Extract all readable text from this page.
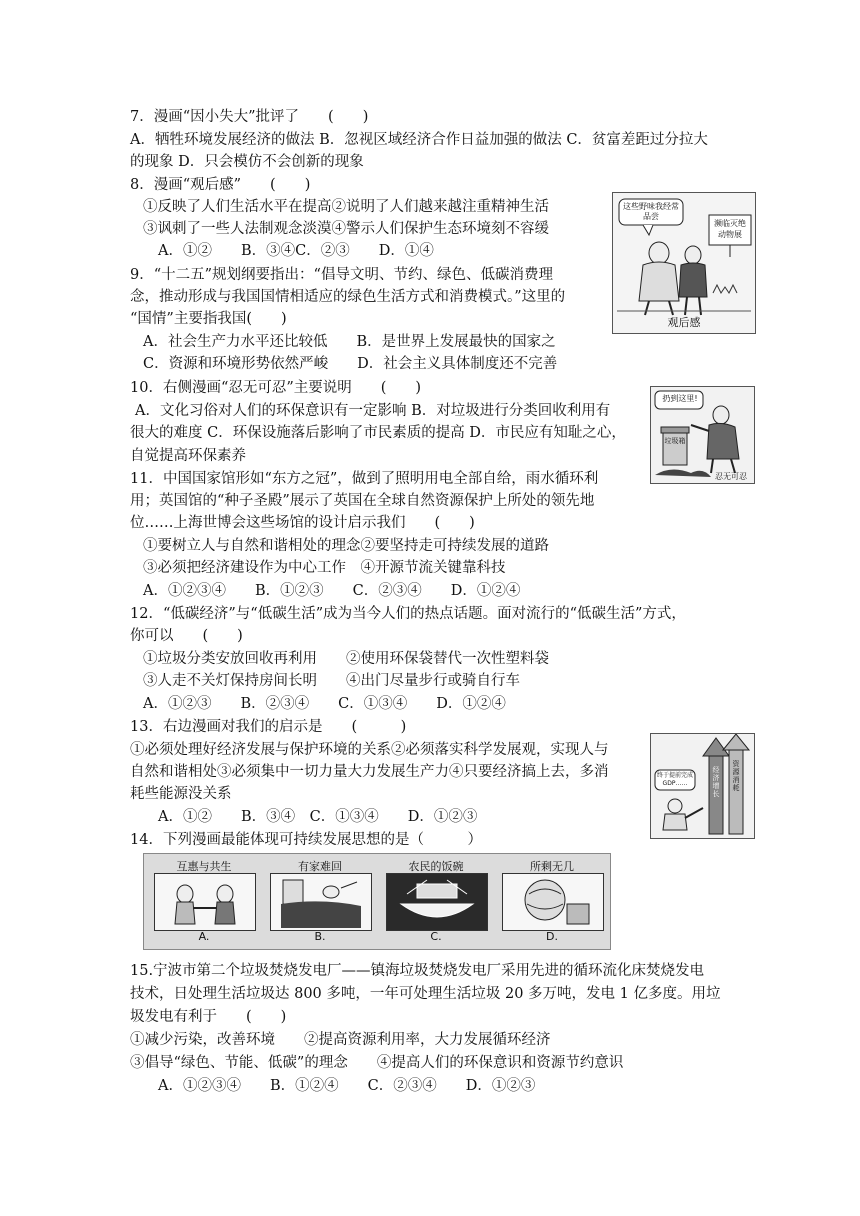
7．漫画“因小失大”批评了　　(　　)
A．牺牲环境发展经济的做法 B．忽视区域经济合作日益加强的做法 C．贫富差距过分拉大
的现象 D．只会模仿不会创新的现象
8．漫画“观后感”　　(　　)
①反映了人们生活水平在提高②说明了人们越来越注重精神生活
③讽刺了一些人法制观念淡漠④警示人们保护生态环境刻不容缓
A．①②　　B．③④C．②③　　D．①④
这些野味我经常品尝
濒临灭绝动物展
观后感
9．“十二五”规划纲要指出：“倡导文明、节约、绿色、低碳消费理
念，推动形成与我国国情相适应的绿色生活方式和消费模式。”这里的
“国情”主要指我国(　　)
A．社会生产力水平还比较低　　B．是世界上发展最快的国家之
C．资源和环境形势依然严峻　　D．社会主义具体制度还不完善
10．右侧漫画“忍无可忍”主要说明　　(　　)
A．文化习俗对人们的环保意识有一定影响 B．对垃圾进行分类回收利用有
很大的难度 C．环保设施落后影响了市民素质的提高 D．市民应有知耻之心，
自觉提高环保素养
扔到这里!
垃圾箱
忍无可忍
11．中国国家馆形如“东方之冠”，做到了照明用电全部自给，雨水循环利
用；英国馆的“种子圣殿”展示了英国在全球自然资源保护上所处的领先地
位……上海世博会这些场馆的设计启示我们　　(　　)
①要树立人与自然和谐相处的理念②要坚持走可持续发展的道路
③必须把经济建设作为中心工作　④开源节流关键靠科技
A．①②③④　　B．①②③　　C．②③④　　D．①②④
12．“低碳经济”与“低碳生活”成为当今人们的热点话题。面对流行的“低碳生活”方式，
你可以　　(　　)
①垃圾分类安放回收再利用　　②使用环保袋替代一次性塑料袋
③人走不关灯保持房间长明　　④出门尽量步行或骑自行车
A．①②③　　B．②③④　　C．①③④　　D．①②④
13．右边漫画对我们的启示是　　(　　　)
①必须处理好经济发展与保护环境的关系②必须落实科学发展观，实现人与
自然和谐相处③必须集中一切力量大力发展生产力④只要经济搞上去，多消
耗些能源没关系
A．①②　　B．③④　C．①③④　　D．①②③
终于提前完成GDP……
经济增长
资源消耗
14．下列漫画最能体现可持续发展思想的是（　　　）
互惠与共生
A.
有家难回
B.
农民的饭碗
C.
所剩无几
D.
15.宁波市第二个垃圾焚烧发电厂——镇海垃圾焚烧发电厂采用先进的循环流化床焚烧发电
技术，日处理生活垃圾达 800 多吨，一年可处理生活垃圾 20 多万吨，发电 1 亿多度。用垃
圾发电有利于　　(　　)
①减少污染，改善环境　　②提高资源利用率，大力发展循环经济
③倡导“绿色、节能、低碳”的理念　　④提高人们的环保意识和资源节约意识
A．①②③④　　B．①②④　　C．②③④　　D．①②③
